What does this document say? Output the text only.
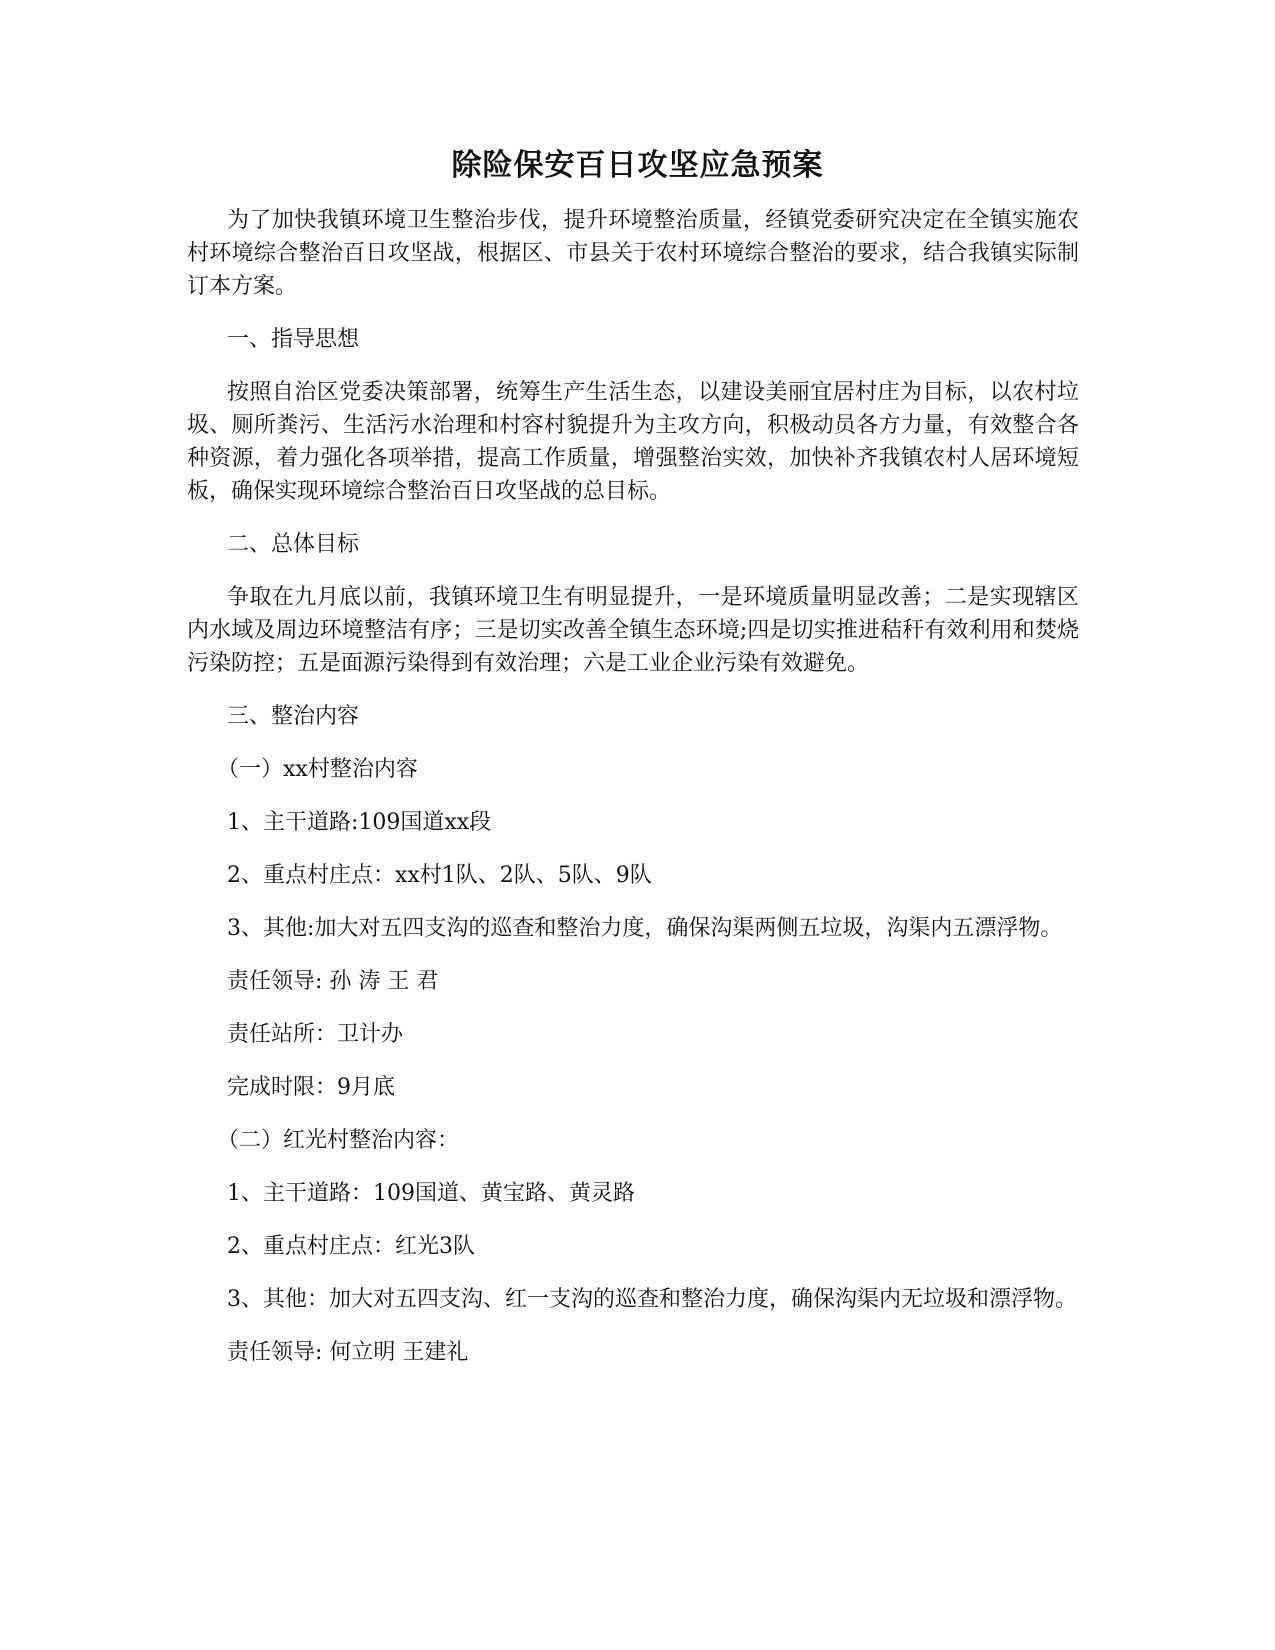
除险保安百日攻坚应急预案

为了加快我镇环境卫生整治步伐，提升环境整治质量，经镇党委研究决定在全镇实施农村环境综合整治百日攻坚战，根据区、市县关于农村环境综合整治的要求，结合我镇实际制订本方案。

一、指导思想

按照自治区党委决策部署，统筹生产生活生态，以建设美丽宜居村庄为目标，以农村垃圾、厕所粪污、生活污水治理和村容村貌提升为主攻方向，积极动员各方力量，有效整合各种资源，着力强化各项举措，提高工作质量，增强整治实效，加快补齐我镇农村人居环境短板，确保实现环境综合整治百日攻坚战的总目标。

二、总体目标

争取在九月底以前，我镇环境卫生有明显提升，一是环境质量明显改善；二是实现辖区内水域及周边环境整洁有序；三是切实改善全镇生态环境;四是切实推进秸秆有效利用和焚烧污染防控；五是面源污染得到有效治理；六是工业企业污染有效避免。

三、整治内容

（一）xx村整治内容

1、主干道路:109国道xx段

2、重点村庄点：xx村1队、2队、5队、9队

3、其他:加大对五四支沟的巡查和整治力度，确保沟渠两侧五垃圾，沟渠内五漂浮物。

责任领导: 孙 涛 王 君

责任站所：卫计办

完成时限：9月底

（二）红光村整治内容：

1、主干道路：109国道、黄宝路、黄灵路

2、重点村庄点：红光3队

3、其他：加大对五四支沟、红一支沟的巡查和整治力度，确保沟渠内无垃圾和漂浮物。

责任领导: 何立明 王建礼
